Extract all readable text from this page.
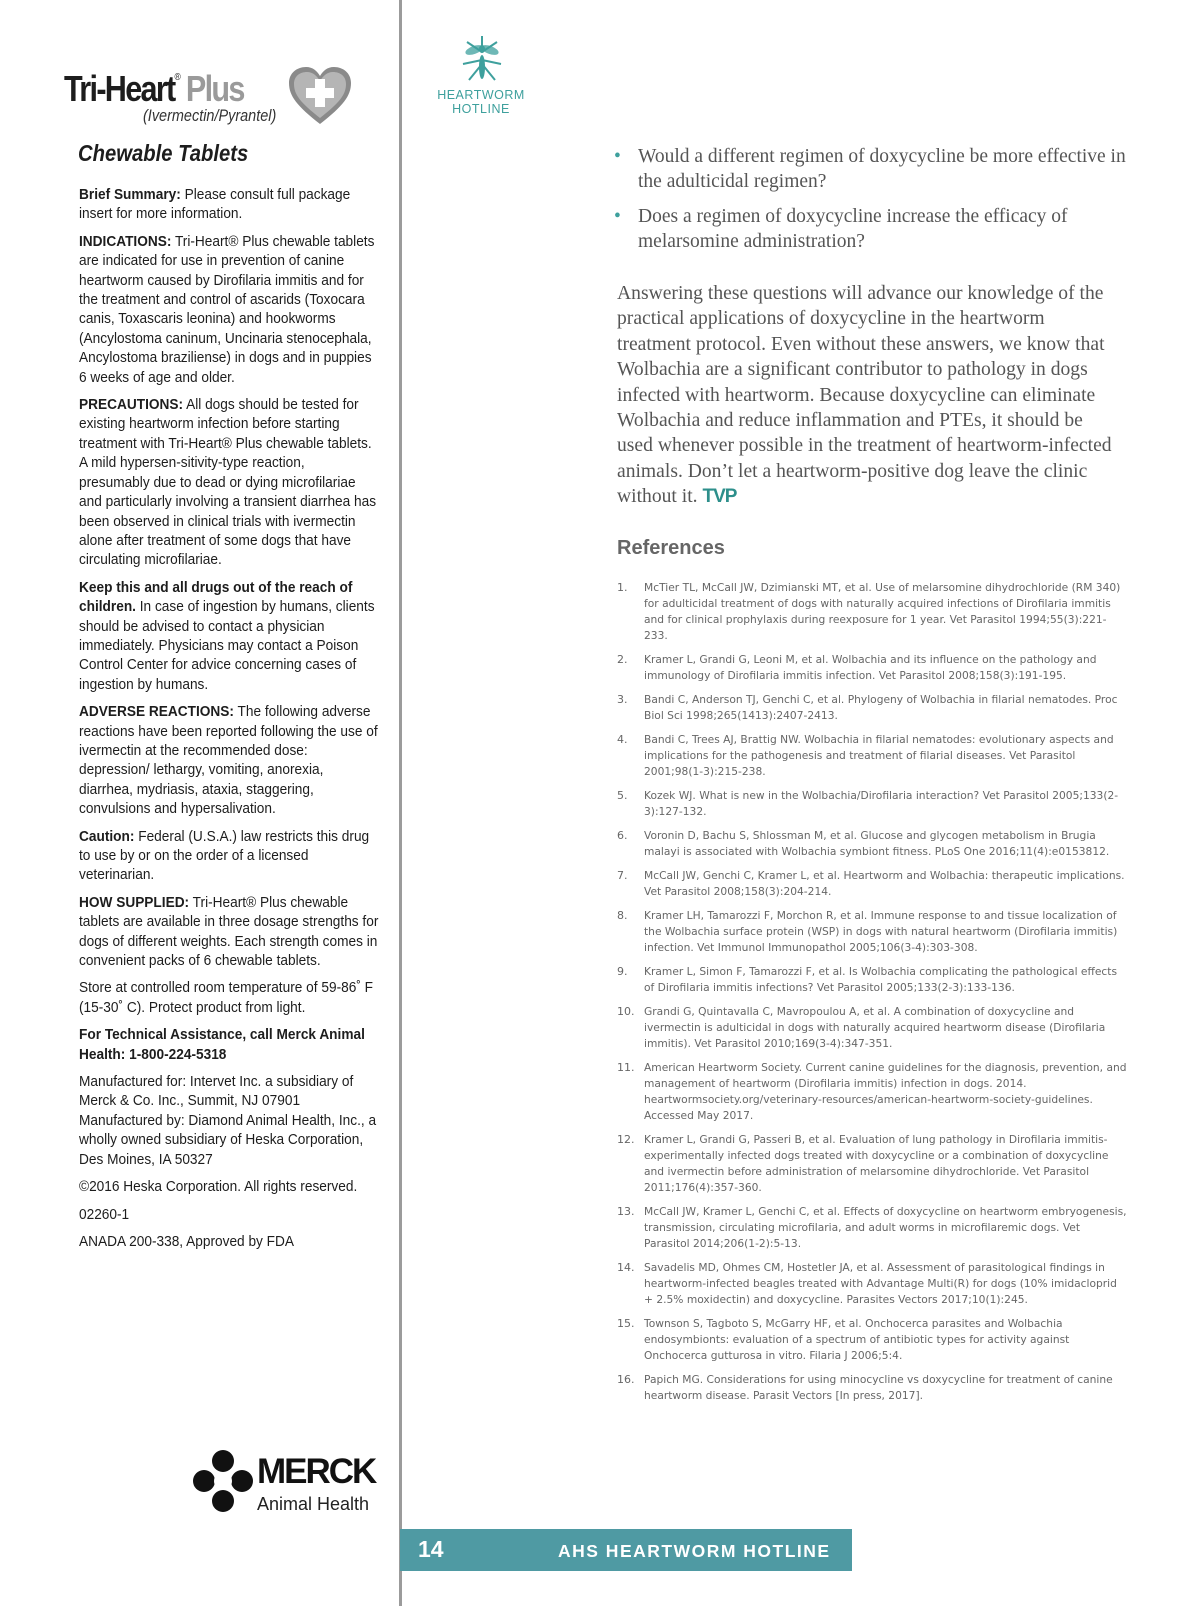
Tri-Heart® Plus
(Ivermectin/Pyrantel)
Chewable Tablets

Brief Summary: Please consult full package insert for more information.

INDICATIONS: Tri-Heart® Plus chewable tablets are indicated for use in prevention of canine heartworm caused by Dirofilaria immitis and for the treatment and control of ascarids (Toxocara canis, Toxascaris leonina) and hookworms (Ancylostoma caninum, Uncinaria stenocephala, Ancylostoma braziliense) in dogs and in puppies 6 weeks of age and older.

PRECAUTIONS: All dogs should be tested for existing heartworm infection before starting treatment with Tri-Heart® Plus chewable tablets. A mild hypersen-sitivity-type reaction, presumably due to dead or dying microfilariae and particularly involving a transient diarrhea has been observed in clinical trials with ivermectin alone after treatment of some dogs that have circulating microfilariae.

Keep this and all drugs out of the reach of children. In case of ingestion by humans, clients should be advised to contact a physician immediately. Physicians may contact a Poison Control Center for advice concerning cases of ingestion by humans.

ADVERSE REACTIONS: The following adverse reactions have been reported following the use of ivermectin at the recommended dose: depression/ lethargy, vomiting, anorexia, diarrhea, mydriasis, ataxia, staggering, convulsions and hypersalivation.

Caution: Federal (U.S.A.) law restricts this drug to use by or on the order of a licensed veterinarian.

HOW SUPPLIED: Tri-Heart® Plus chewable tablets are available in three dosage strengths for dogs of different weights. Each strength comes in convenient packs of 6 chewable tablets.

Store at controlled room temperature of 59-86˚ F (15-30˚ C). Protect product from light.

For Technical Assistance, call Merck Animal Health: 1-800-224-5318

Manufactured for: Intervet Inc. a subsidiary of Merck & Co. Inc., Summit, NJ 07901 Manufactured by: Diamond Animal Health, Inc., a wholly owned subsidiary of Heska Corporation, Des Moines, IA 50327

©2016 Heska Corporation. All rights reserved.

02260-1

ANADA 200-338, Approved by FDA

MERCK
Animal Health
HEARTWORM
HOTLINE
• Would a different regimen of doxycycline be more effective in the adulticidal regimen?
• Does a regimen of doxycycline increase the efficacy of melarsomine administration?
Answering these questions will advance our knowledge of the practical applications of doxycycline in the heartworm treatment protocol. Even without these answers, we know that Wolbachia are a significant contributor to pathology in dogs infected with heartworm. Because doxycycline can eliminate Wolbachia and reduce inflammation and PTEs, it should be used whenever possible in the treatment of heartworm-infected animals. Don’t let a heartworm-positive dog leave the clinic without it. TVP
References
1. McTier TL, McCall JW, Dzimianski MT, et al. Use of melarsomine dihydrochloride (RM 340) for adulticidal treatment of dogs with naturally acquired infections of Dirofilaria immitis and for clinical prophylaxis during reexposure for 1 year. Vet Parasitol 1994;55(3):221-233.
2. Kramer L, Grandi G, Leoni M, et al. Wolbachia and its influence on the pathology and immunology of Dirofilaria immitis infection. Vet Parasitol 2008;158(3):191-195.
3. Bandi C, Anderson TJ, Genchi C, et al. Phylogeny of Wolbachia in filarial nematodes. Proc Biol Sci 1998;265(1413):2407-2413.
4. Bandi C, Trees AJ, Brattig NW. Wolbachia in filarial nematodes: evolutionary aspects and implications for the pathogenesis and treatment of filarial diseases. Vet Parasitol 2001;98(1-3):215-238.
5. Kozek WJ. What is new in the Wolbachia/Dirofilaria interaction? Vet Parasitol 2005;133(2-3):127-132.
6. Voronin D, Bachu S, Shlossman M, et al. Glucose and glycogen metabolism in Brugia malayi is associated with Wolbachia symbiont fitness. PLoS One 2016;11(4):e0153812.
7. McCall JW, Genchi C, Kramer L, et al. Heartworm and Wolbachia: therapeutic implications. Vet Parasitol 2008;158(3):204-214.
8. Kramer LH, Tamarozzi F, Morchon R, et al. Immune response to and tissue localization of the Wolbachia surface protein (WSP) in dogs with natural heartworm (Dirofilaria immitis) infection. Vet Immunol Immunopathol 2005;106(3-4):303-308.
9. Kramer L, Simon F, Tamarozzi F, et al. Is Wolbachia complicating the pathological effects of Dirofilaria immitis infections? Vet Parasitol 2005;133(2-3):133-136.
10. Grandi G, Quintavalla C, Mavropoulou A, et al. A combination of doxycycline and ivermectin is adulticidal in dogs with naturally acquired heartworm disease (Dirofilaria immitis). Vet Parasitol 2010;169(3-4):347-351.
11. American Heartworm Society. Current canine guidelines for the diagnosis, prevention, and management of heartworm (Dirofilaria immitis) infection in dogs. 2014. heartwormsociety.org/veterinary-resources/american-heartworm-society-guidelines. Accessed May 2017.
12. Kramer L, Grandi G, Passeri B, et al. Evaluation of lung pathology in Dirofilaria immitis-experimentally infected dogs treated with doxycycline or a combination of doxycycline and ivermectin before administration of melarsomine dihydrochloride. Vet Parasitol 2011;176(4):357-360.
13. McCall JW, Kramer L, Genchi C, et al. Effects of doxycycline on heartworm embryogenesis, transmission, circulating microfilaria, and adult worms in microfilaremic dogs. Vet Parasitol 2014;206(1-2):5-13.
14. Savadelis MD, Ohmes CM, Hostetler JA, et al. Assessment of parasitological findings in heartworm-infected beagles treated with Advantage Multi(R) for dogs (10% imidacloprid + 2.5% moxidectin) and doxycycline. Parasites Vectors 2017;10(1):245.
15. Townson S, Tagboto S, McGarry HF, et al. Onchocerca parasites and Wolbachia endosymbionts: evaluation of a spectrum of antibiotic types for activity against Onchocerca gutturosa in vitro. Filaria J 2006;5:4.
16. Papich MG. Considerations for using minocycline vs doxycycline for treatment of canine heartworm disease. Parasit Vectors [In press, 2017].
14	AHS HEARTWORM HOTLINE
